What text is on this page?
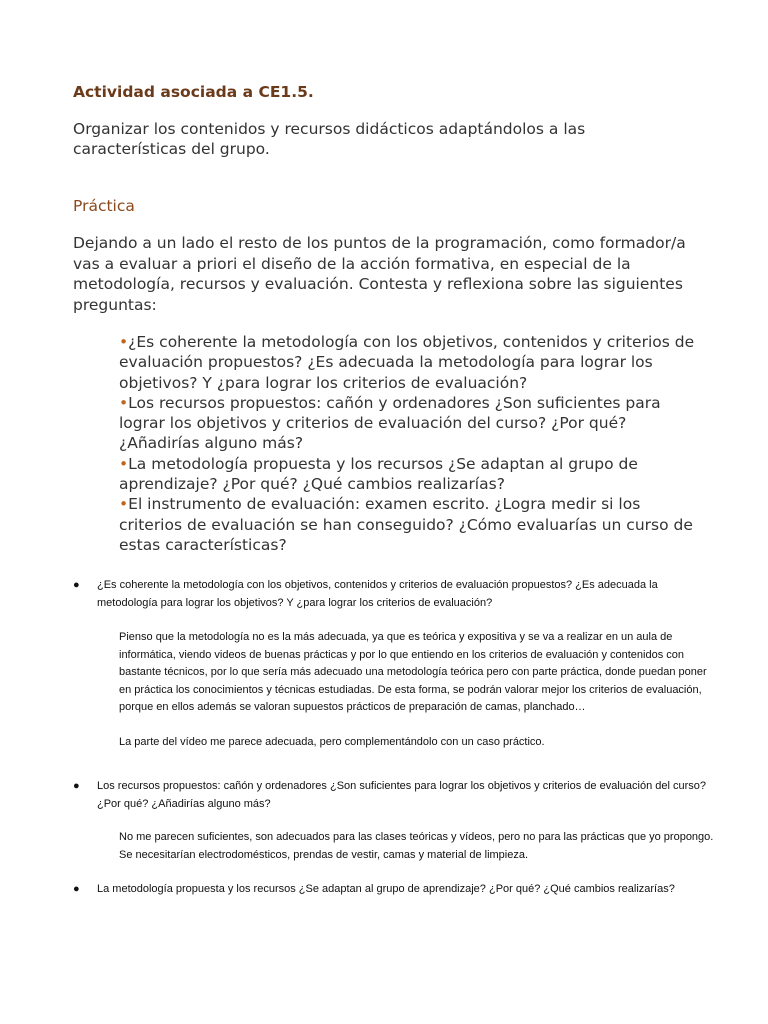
Actividad asociada a CE1.5.

Organizar los contenidos y recursos didácticos adaptándolos a las características del grupo.

Práctica

Dejando a un lado el resto de los puntos de la programación, como formador/a vas a evaluar a priori el diseño de la acción formativa, en especial de la metodología, recursos y evaluación. Contesta y reflexiona sobre las siguientes preguntas:

•¿Es coherente la metodología con los objetivos, contenidos y criterios de evaluación propuestos? ¿Es adecuada la metodología para lograr los objetivos? Y ¿para lograr los criterios de evaluación?
•Los recursos propuestos: cañón y ordenadores ¿Son suficientes para lograr los objetivos y criterios de evaluación del curso? ¿Por qué? ¿Añadirías alguno más?
•La metodología propuesta y los recursos ¿Se adaptan al grupo de aprendizaje? ¿Por qué? ¿Qué cambios realizarías?
•El instrumento de evaluación: examen escrito. ¿Logra medir si los criterios de evaluación se han conseguido? ¿Cómo evaluarías un curso de estas características?
● ¿Es coherente la metodología con los objetivos, contenidos y criterios de evaluación propuestos? ¿Es adecuada la metodología para lograr los objetivos? Y ¿para lograr los criterios de evaluación?

Pienso que la metodología no es la más adecuada, ya que es teórica y expositiva y se va a realizar en un aula de informática, viendo videos de buenas prácticas y por lo que entiendo en los criterios de evaluación y contenidos con bastante técnicos, por lo que sería más adecuado una metodología teórica pero con parte práctica, donde puedan poner en práctica los conocimientos y técnicas estudiadas. De esta forma, se podrán valorar mejor los criterios de evaluación, porque en ellos además se valoran supuestos prácticos de preparación de camas, planchado…

La parte del vídeo me parece adecuada, pero complementándolo con un caso práctico.

● Los recursos propuestos: cañón y ordenadores ¿Son suficientes para lograr los objetivos y criterios de evaluación del curso? ¿Por qué? ¿Añadirías alguno más?

No me parecen suficientes, son adecuados para las clases teóricas y vídeos, pero no para las prácticas que yo propongo. Se necesitarían electrodomésticos, prendas de vestir, camas y material de limpieza.

● La metodología propuesta y los recursos ¿Se adaptan al grupo de aprendizaje? ¿Por qué? ¿Qué cambios realizarías?
